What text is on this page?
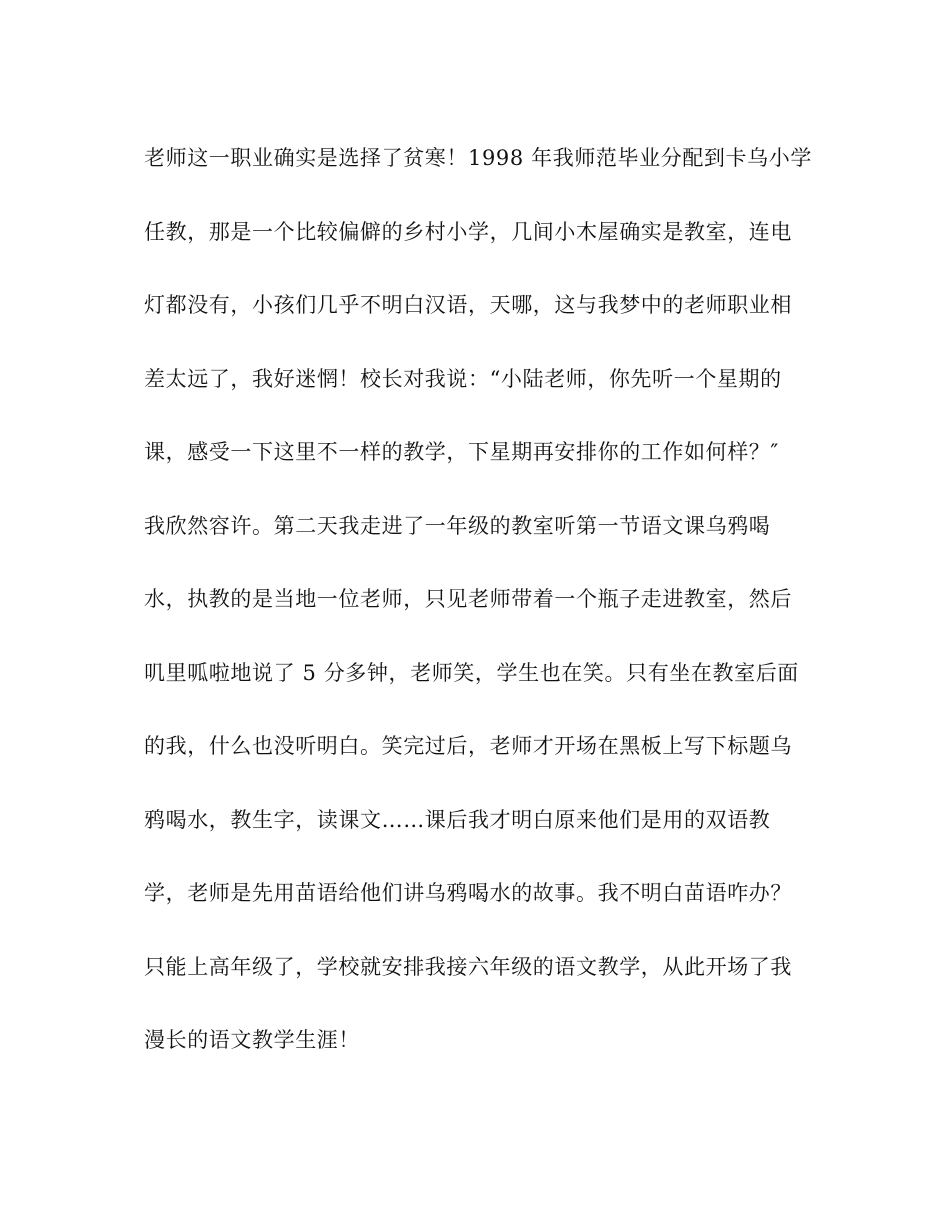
老师这一职业确实是选择了贫寒！1998 年我师范毕业分配到卡乌小学
任教，那是一个比较偏僻的乡村小学，几间小木屋确实是教室，连电
灯都没有，小孩们几乎不明白汉语，天哪，这与我梦中的老师职业相
差太远了，我好迷惘！校长对我说：“小陆老师，你先听一个星期的
课，感受一下这里不一样的教学，下星期再安排你的工作如何样？″
我欣然容许。第二天我走进了一年级的教室听第一节语文课乌鸦喝
水，执教的是当地一位老师，只见老师带着一个瓶子走进教室，然后
叽里呱啦地说了 5 分多钟，老师笑，学生也在笑。只有坐在教室后面
的我，什么也没听明白。笑完过后，老师才开场在黑板上写下标题乌
鸦喝水，教生字，读课文……课后我才明白原来他们是用的双语教
学，老师是先用苗语给他们讲乌鸦喝水的故事。我不明白苗语咋办？
只能上高年级了，学校就安排我接六年级的语文教学，从此开场了我
漫长的语文教学生涯！
